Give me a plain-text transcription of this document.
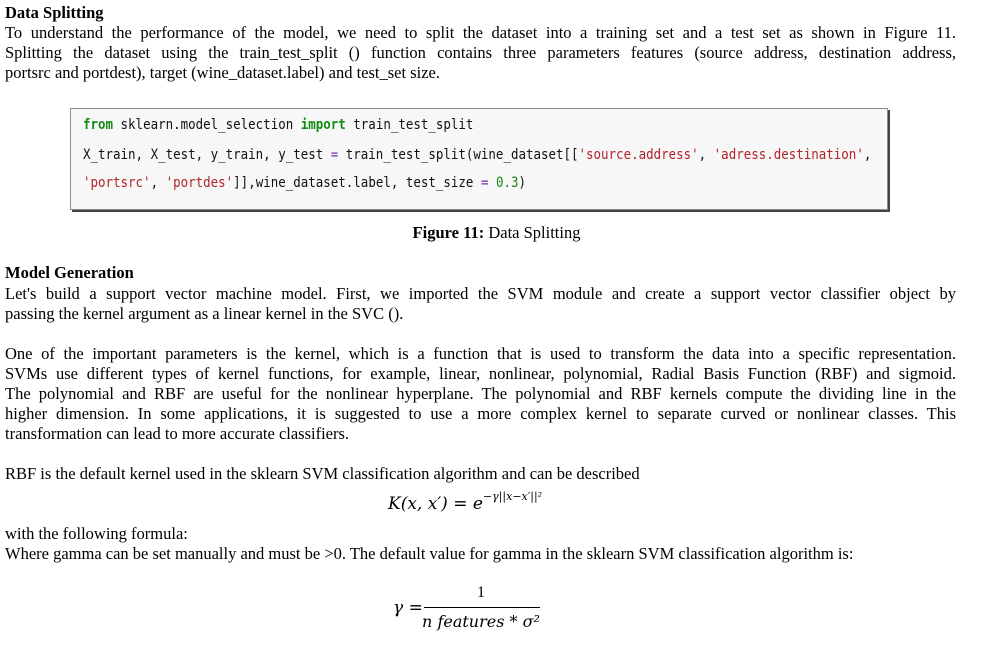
Data Splitting
To understand the performance of the model, we need to split the dataset into a training set and a test set as shown in Figure 11.
Splitting the dataset using the train_test_split () function contains three parameters features (source address, destination address,
portsrc and portdest), target (wine_dataset.label) and test_set size.
from sklearn.model_selection import train_test_split
X_train, X_test, y_train, y_test = train_test_split(wine_dataset[['source.address', 'adress.destination',
'portsrc', 'portdes']],wine_dataset.label, test_size = 0.3)
Figure 11: Data Splitting
Model Generation
Let's build a support vector machine model. First, we imported the SVM module and create a support vector classifier object by
passing the kernel argument as a linear kernel in the SVC ().
One of the important parameters is the kernel, which is a function that is used to transform the data into a specific representation.
SVMs use different types of kernel functions, for example, linear, nonlinear, polynomial, Radial Basis Function (RBF) and sigmoid.
The polynomial and RBF are useful for the nonlinear hyperplane. The polynomial and RBF kernels compute the dividing line in the
higher dimension. In some applications, it is suggested to use a more complex kernel to separate curved or nonlinear classes. This
transformation can lead to more accurate classifiers.
RBF is the default kernel used in the sklearn SVM classification algorithm and can be described
K(x, $x') = e^{-\gamma||x-x'||^2}$
with the following formula:
Where gamma can be set manually and must be >0. The default value for gamma in the sklearn SVM classification algorithm is:
γ =
1
n features * σ²
